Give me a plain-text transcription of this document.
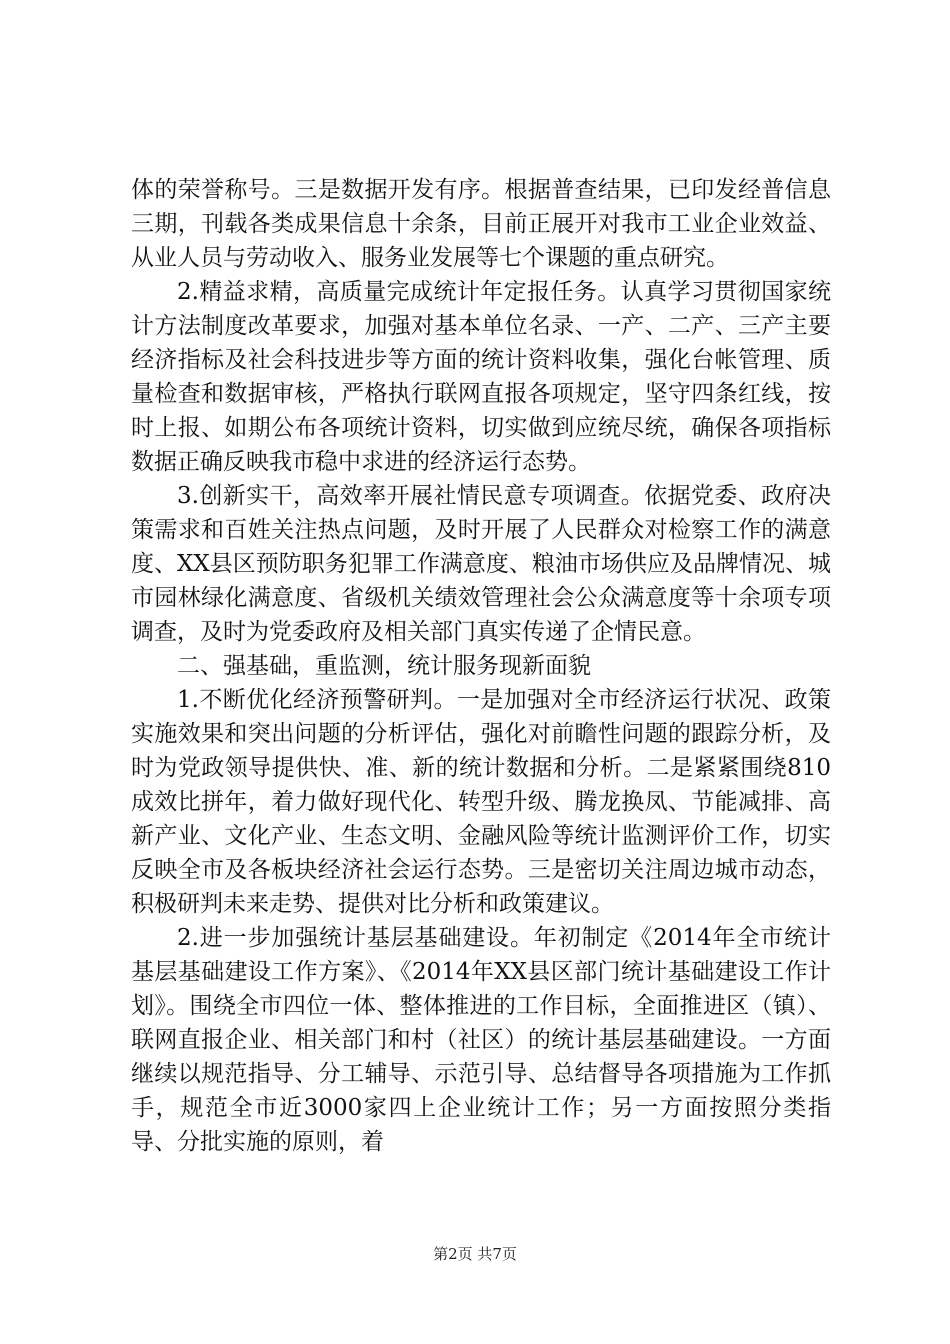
体的荣誉称号。三是数据开发有序。根据普查结果，已印发经普信息三期，刊载各类成果信息十余条，目前正展开对我市工业企业效益、从业人员与劳动收入、服务业发展等七个课题的重点研究。

2.精益求精，高质量完成统计年定报任务。认真学习贯彻国家统计方法制度改革要求，加强对基本单位名录、一产、二产、三产主要经济指标及社会科技进步等方面的统计资料收集，强化台帐管理、质量检查和数据审核，严格执行联网直报各项规定，坚守四条红线，按时上报、如期公布各项统计资料，切实做到应统尽统，确保各项指标数据正确反映我市稳中求进的经济运行态势。

3.创新实干，高效率开展社情民意专项调查。依据党委、政府决策需求和百姓关注热点问题，及时开展了人民群众对检察工作的满意度、XX县区预防职务犯罪工作满意度、粮油市场供应及品牌情况、城市园林绿化满意度、省级机关绩效管理社会公众满意度等十余项专项调查，及时为党委政府及相关部门真实传递了企情民意。

二、强基础，重监测，统计服务现新面貌

1.不断优化经济预警研判。一是加强对全市经济运行状况、政策实施效果和突出问题的分析评估，强化对前瞻性问题的跟踪分析，及时为党政领导提供快、准、新的统计数据和分析。二是紧紧围绕810成效比拼年，着力做好现代化、转型升级、腾龙换凤、节能减排、高新产业、文化产业、生态文明、金融风险等统计监测评价工作，切实反映全市及各板块经济社会运行态势。三是密切关注周边城市动态，积极研判未来走势、提供对比分析和政策建议。

2.进一步加强统计基层基础建设。年初制定《2014年全市统计基层基础建设工作方案》、《2014年XX县区部门统计基础建设工作计划》。围绕全市四位一体、整体推进的工作目标，全面推进区（镇）、联网直报企业、相关部门和村（社区）的统计基层基础建设。一方面继续以规范指导、分工辅导、示范引导、总结督导各项措施为工作抓手，规范全市近3000家四上企业统计工作；另一方面按照分类指导、分批实施的原则，着

第2页 共7页
